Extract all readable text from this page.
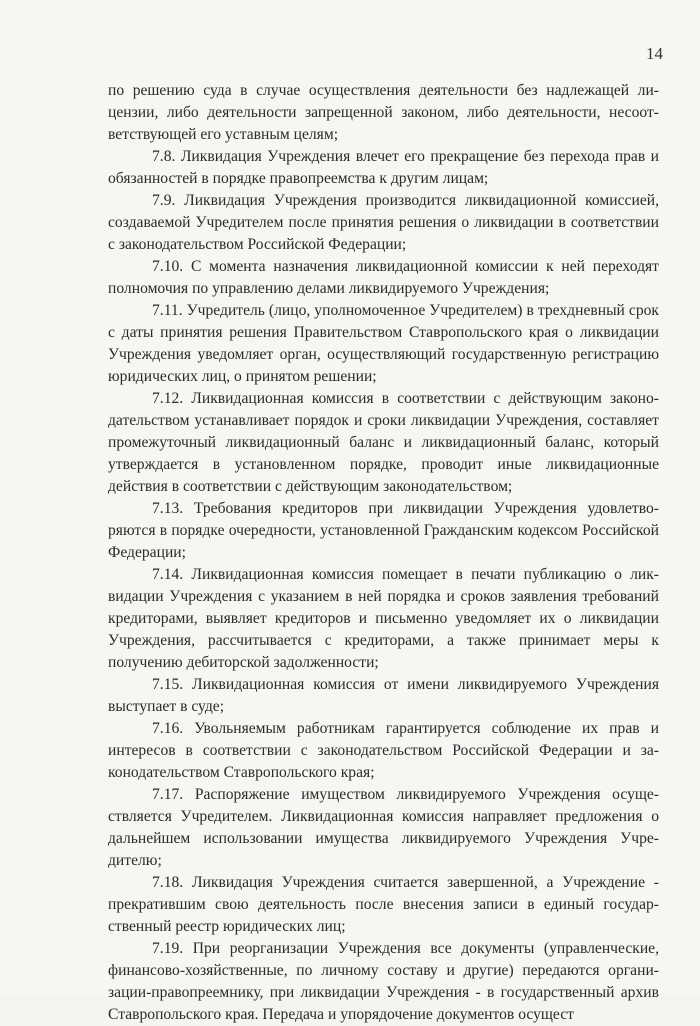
14

по решению суда в случае осуществления деятельности без надлежащей лицензии, либо деятельности запрещенной законом, либо деятельности, несоответствующей его уставным целям;

7.8. Ликвидация Учреждения влечет его прекращение без перехода прав и обязанностей в порядке правопреемства к другим лицам;

7.9. Ликвидация Учреждения производится ликвидационной комиссией, создаваемой Учредителем после принятия решения о ликвидации в соответствии с законодательством Российской Федерации;

7.10. С момента назначения ликвидационной комиссии к ней переходят полномочия по управлению делами ликвидируемого Учреждения;

7.11. Учредитель (лицо, уполномоченное Учредителем) в трехдневный срок с даты принятия решения Правительством Ставропольского края о ликвидации Учреждения уведомляет орган, осуществляющий государственную регистрацию юридических лиц, о принятом решении;

7.12. Ликвидационная комиссия в соответствии с действующим законодательством устанавливает порядок и сроки ликвидации Учреждения, составляет промежуточный ликвидационный баланс и ликвидационный баланс, который утверждается в установленном порядке, проводит иные ликвидационные действия в соответствии с действующим законодательством;

7.13. Требования кредиторов при ликвидации Учреждения удовлетворяются в порядке очередности, установленной Гражданским кодексом Российской Федерации;

7.14. Ликвидационная комиссия помещает в печати публикацию о ликвидации Учреждения с указанием в ней порядка и сроков заявления требований кредиторами, выявляет кредиторов и письменно уведомляет их о ликвидации Учреждения, рассчитывается с кредиторами, а также принимает меры к получению дебиторской задолженности;

7.15. Ликвидационная комиссия от имени ликвидируемого Учреждения выступает в суде;

7.16. Увольняемым работникам гарантируется соблюдение их прав и интересов в соответствии с законодательством Российской Федерации и законодательством Ставропольского края;

7.17. Распоряжение имуществом ликвидируемого Учреждения осуществляется Учредителем. Ликвидационная комиссия направляет предложения о дальнейшем использовании имущества ликвидируемого Учреждения Учредителю;

7.18. Ликвидация Учреждения считается завершенной, а Учреждение - прекратившим свою деятельность после внесения записи в единый государственный реестр юридических лиц;

7.19. При реорганизации Учреждения все документы (управленческие, финансово-хозяйственные, по личному составу и другие) передаются организации-правопреемнику, при ликвидации Учреждения - в государственный архив Ставропольского края. Передача и упорядочение документов осущест
